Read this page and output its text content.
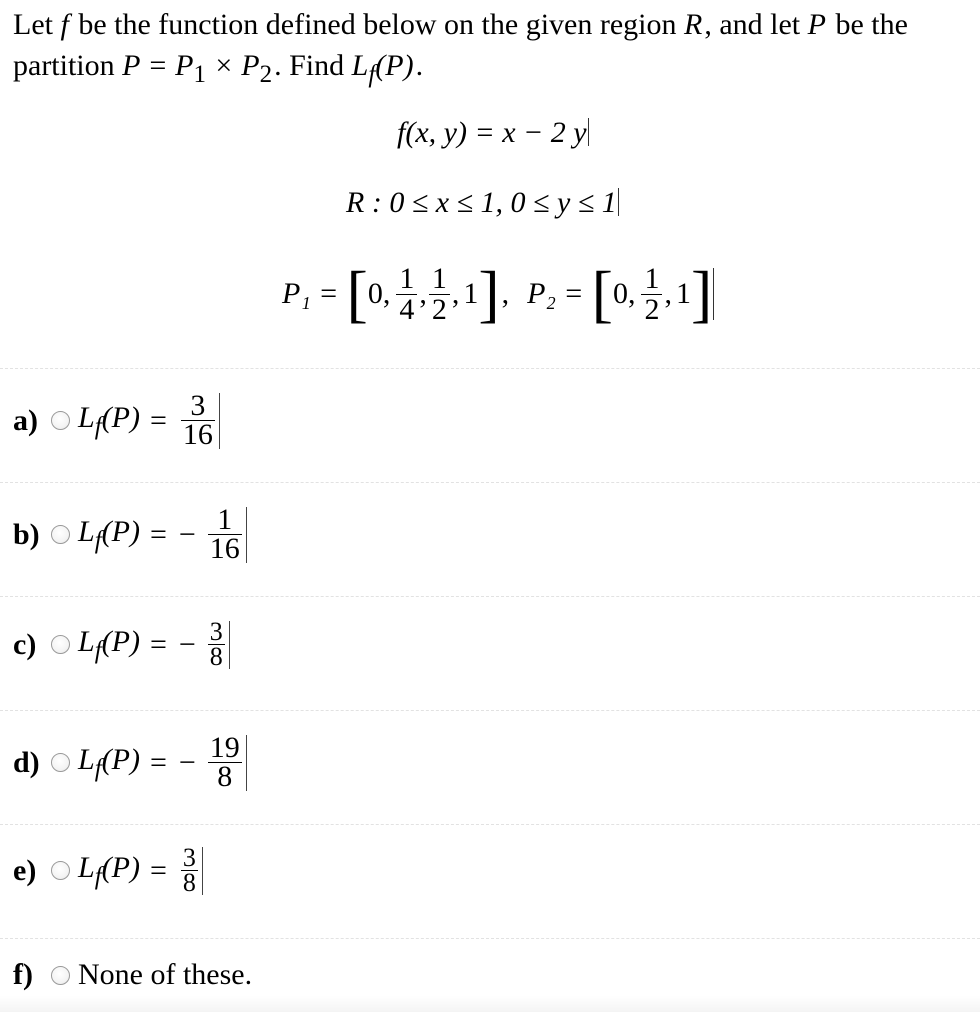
Let f be the function defined below on the given region R, and let P be the partition $P = P_1 \times P_2$. Find $L_f(P)$.
f(x, y) = x − 2 y
R : 0 ≤ x ≤ 1, 0 ≤ y ≤ 1
P₁ = [ 0, $\frac{1}{4}$ , $\frac{1}{2}$ , 1 ] , P₂ = [ 0, $\frac{1}{2}$ , 1 ]
a)	$L_f(P) = \frac{3}{16}$
b)	$L_f(P)$ = − $\frac{1}{16}$
c)	$L_f(P)$ = − $\frac{3}{8}$
d)	$L_f(P)$ = − $\frac{19}{8}$
e)	$L_f(P) = \frac{3}{8}$
f)	None of these.
